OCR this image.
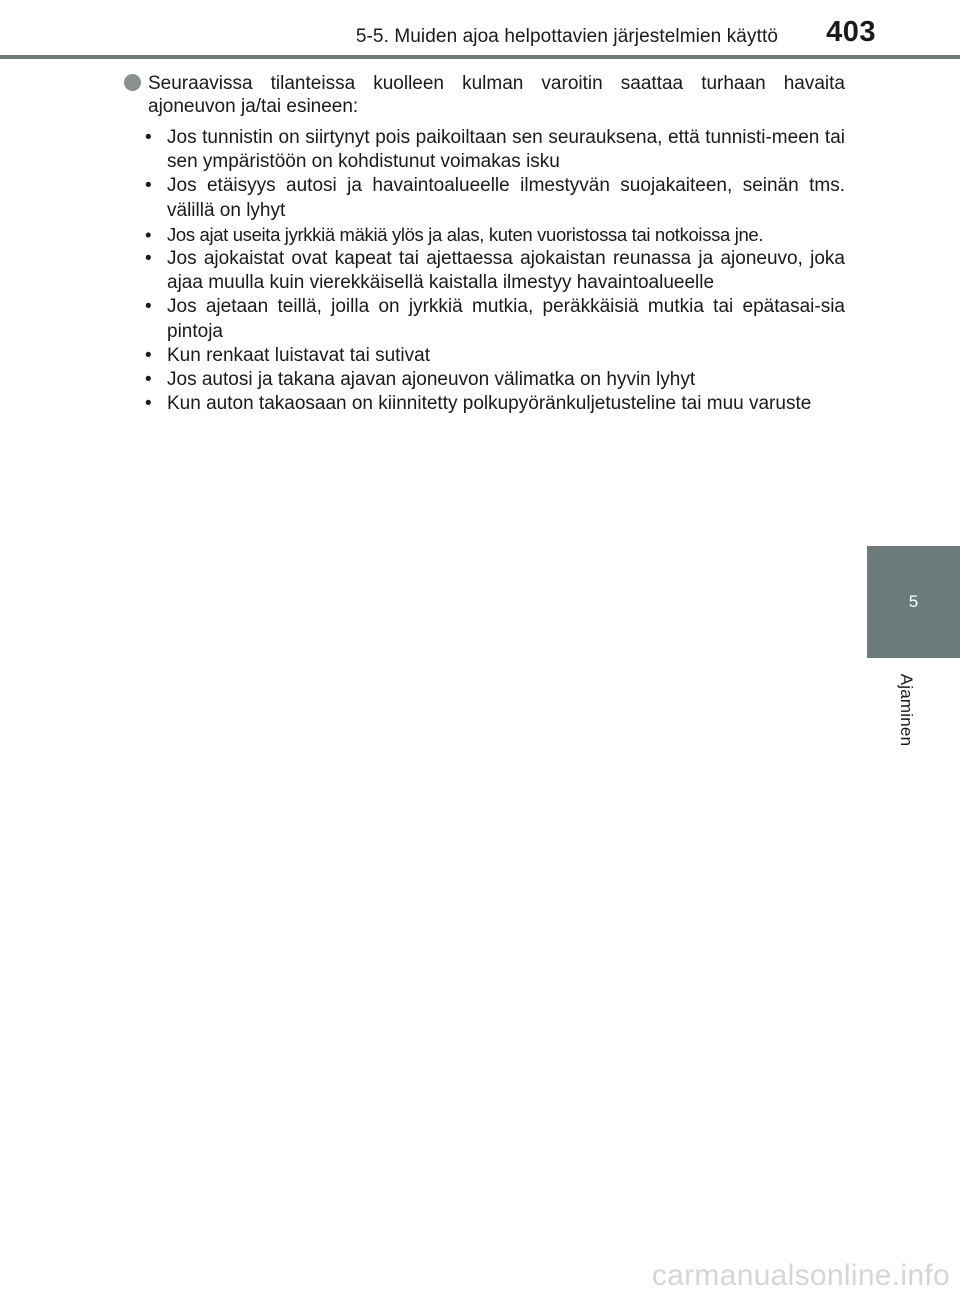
5-5. Muiden ajoa helpottavien järjestelmien käyttö 403
5
Ajaminen
Seuraavissa tilanteissa kuolleen kulman varoitin saattaa turhaan havaita ajoneuvon ja/tai esineen:
• Jos tunnistin on siirtynyt pois paikoiltaan sen seurauksena, että tunnisti-meen tai sen ympäristöön on kohdistunut voimakas isku
• Jos etäisyys autosi ja havaintoalueelle ilmestyvän suojakaiteen, seinän tms. välillä on lyhyt
• Jos ajat useita jyrkkiä mäkiä ylös ja alas, kuten vuoristossa tai notkoissa jne.
• Jos ajokaistat ovat kapeat tai ajettaessa ajokaistan reunassa ja ajoneuvo, joka ajaa muulla kuin vierekkäisellä kaistalla ilmestyy havaintoalueelle
• Jos ajetaan teillä, joilla on jyrkkiä mutkia, peräkkäisiä mutkia tai epätasai-sia pintoja
• Kun renkaat luistavat tai sutivat
• Jos autosi ja takana ajavan ajoneuvon välimatka on hyvin lyhyt
• Kun auton takaosaan on kiinnitetty polkupyöränkuljetusteline tai muu varuste
carmanualsonline.info
